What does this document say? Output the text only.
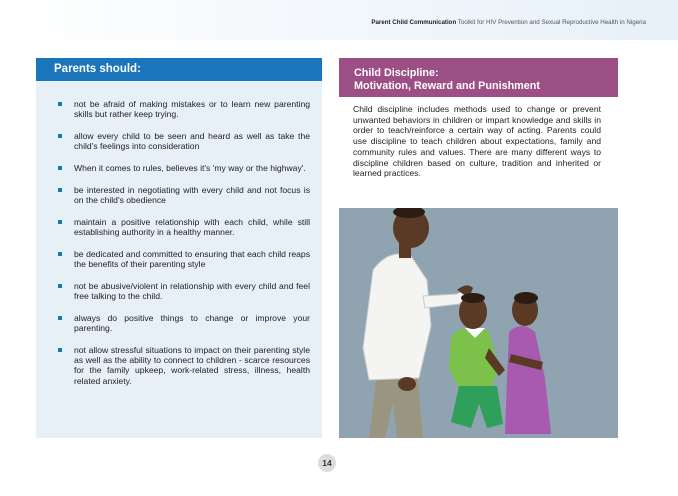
Parent Child Communication Toolkit for HIV Prevention and Sexual Reproductive Health in Nigeria
Parents should:
not be afraid of making mistakes or to learn new parenting skills but rather keep trying.
allow every child to be seen and heard as well as take the child's feelings into consideration
When it comes to rules, believes it's 'my way or the highway'.
be interested in negotiating with every child and not focus is on the child's obedience
maintain a positive relationship with each child, while still establishing authority in a healthy manner.
be dedicated and committed to ensuring that each child reaps the benefits of their parenting style
not be abusive/violent in relationship with every child and feel free talking to the child.
always do positive things to change or improve your parenting.
not allow stressful situations to impact on their parenting style as well as the ability to connect to children - scarce resources for the family upkeep, work-related stress, illness, health related anxiety.
Child Discipline:
Motivation, Reward and Punishment
Child discipline includes methods used to change or prevent unwanted behaviors in children or impart knowledge and skills in order to teach/reinforce a certain way of acting. Parents could use discipline to teach children about expectations, family and community rules and values. There are many different ways to discipline children based on culture, tradition and inherited or learned practices.
14
